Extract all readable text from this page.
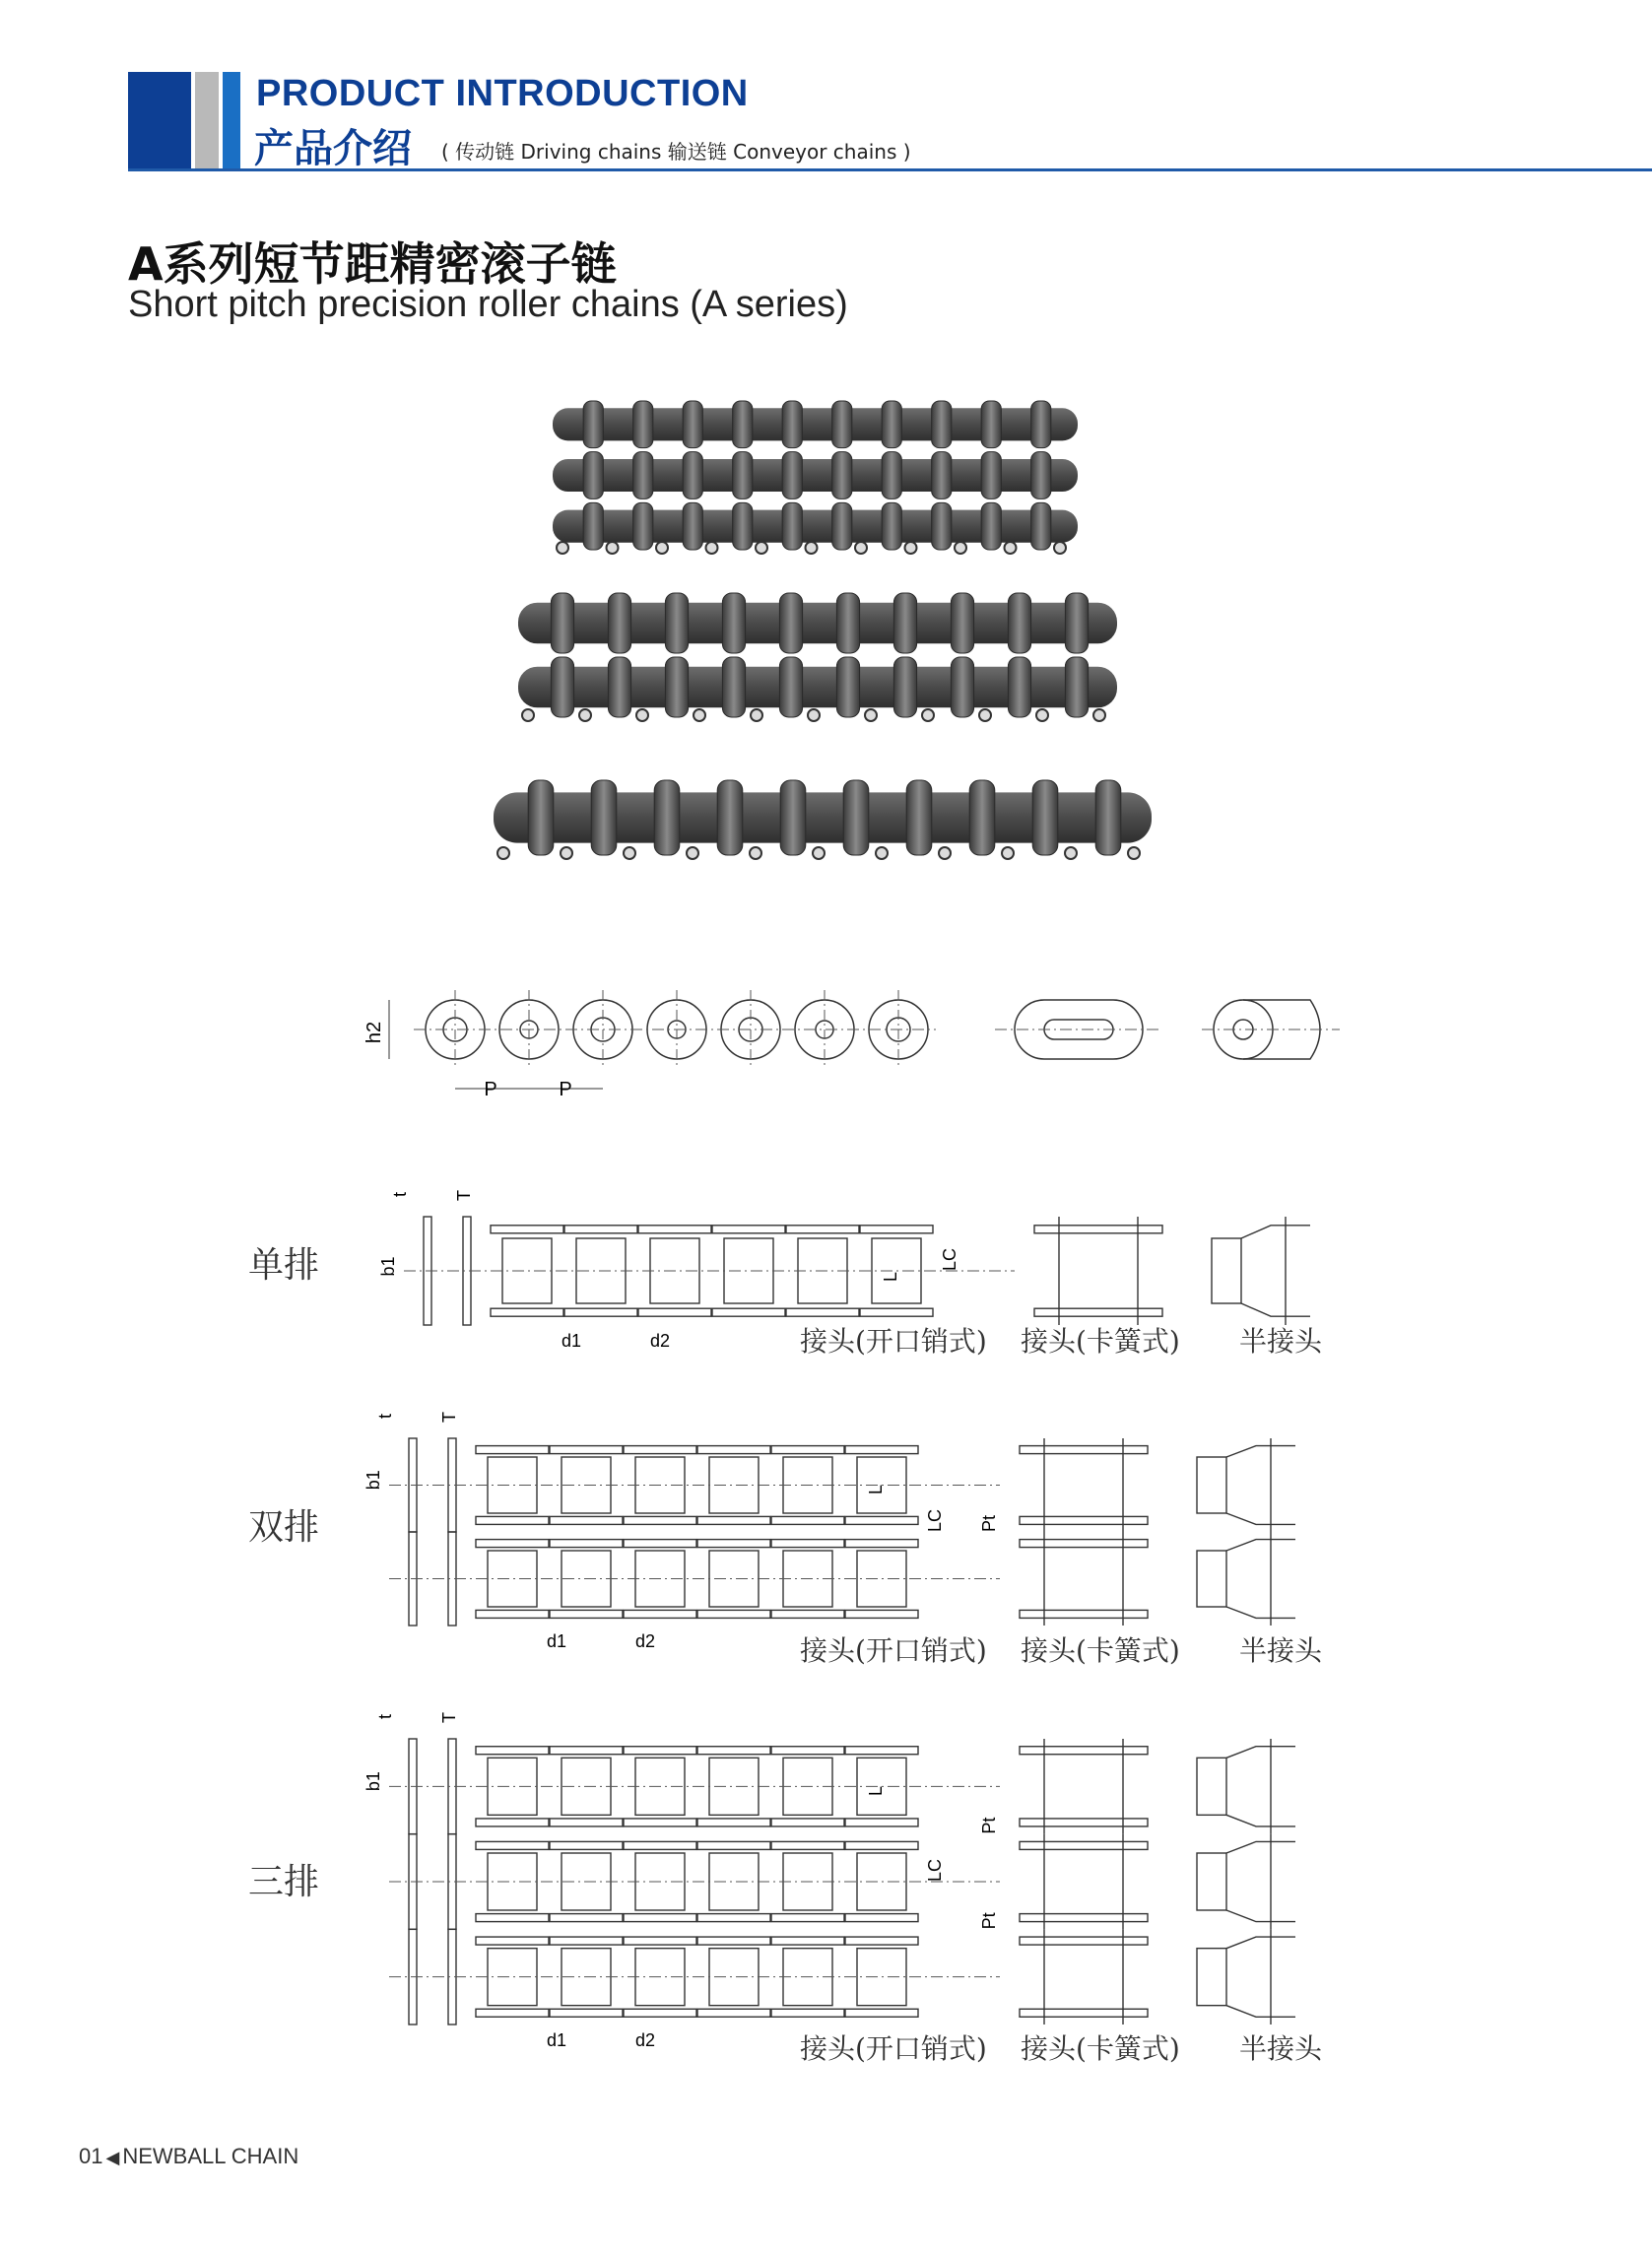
PRODUCT INTRODUCTION
产品介绍 ( 传动链 Driving chains 输送链 Conveyor chains )
A系列短节距精密滚子链
Short pitch precision roller chains (A series)
h2
P	P
t	T
b1
L
LC
d1	d2
t	T
b1	L
LC Pt
d1	d2
t	T
b1	L
LC
Pt
Pt
d1	d2
单排
双排
三排
接头(开口销式) 接头(卡簧式) 半接头
接头(开口销式) 接头(卡簧式) 半接头
接头(开口销式) 接头(卡簧式) 半接头
01 ◀ NEWBALL CHAIN
